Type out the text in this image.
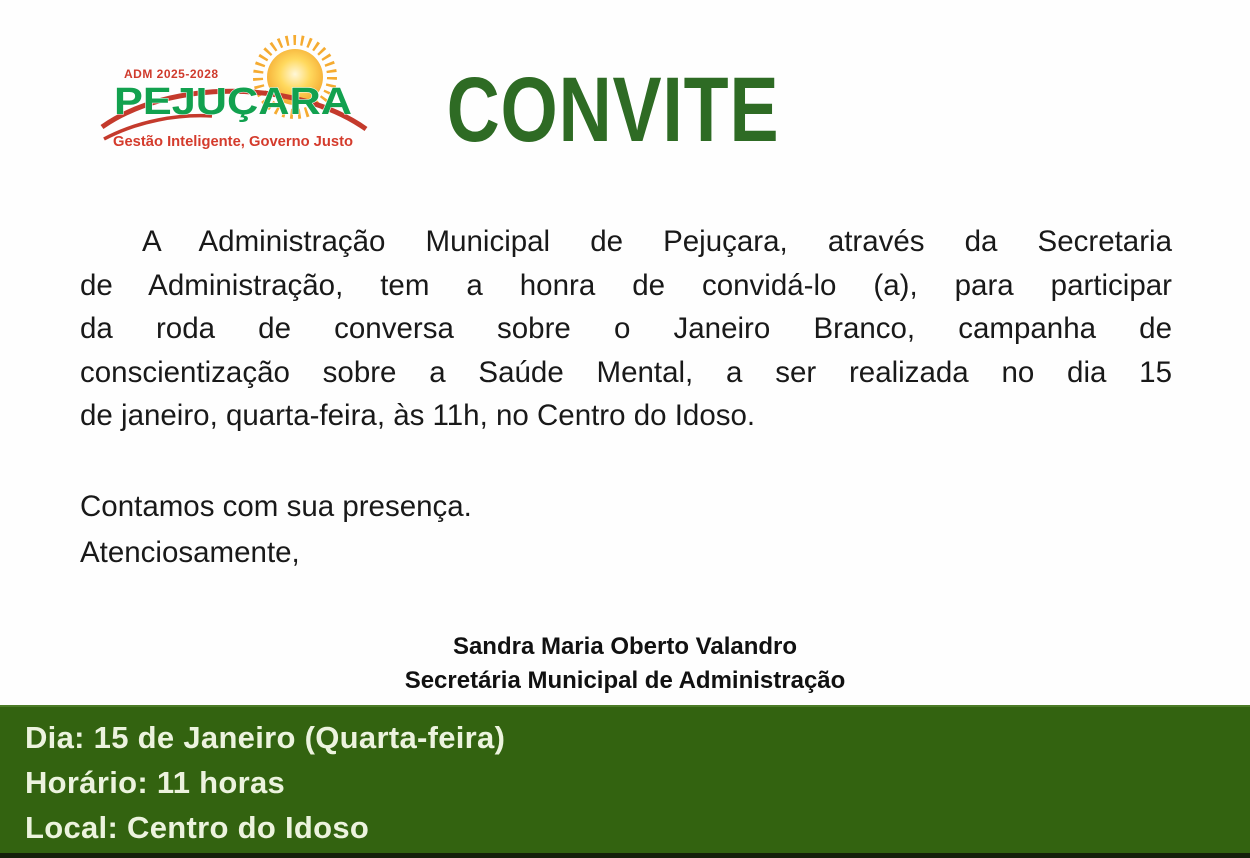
ADM 2025-2028
PEJUÇARA
Gestão Inteligente, Governo Justo	CONVITE
A Administração Municipal de Pejuçara, através da Secretaria
de Administração, tem a honra de convidá-lo (a), para participar
da roda de conversa sobre o Janeiro Branco, campanha de
conscientização sobre a Saúde Mental, a ser realizada no dia 15
de janeiro, quarta-feira, às 11h, no Centro do Idoso.
Contamos com sua presença.
Atenciosamente,
Sandra Maria Oberto Valandro
Secretária Municipal de Administração
Dia: 15 de Janeiro (Quarta-feira)
Horário: 11 horas
Local: Centro do Idoso
